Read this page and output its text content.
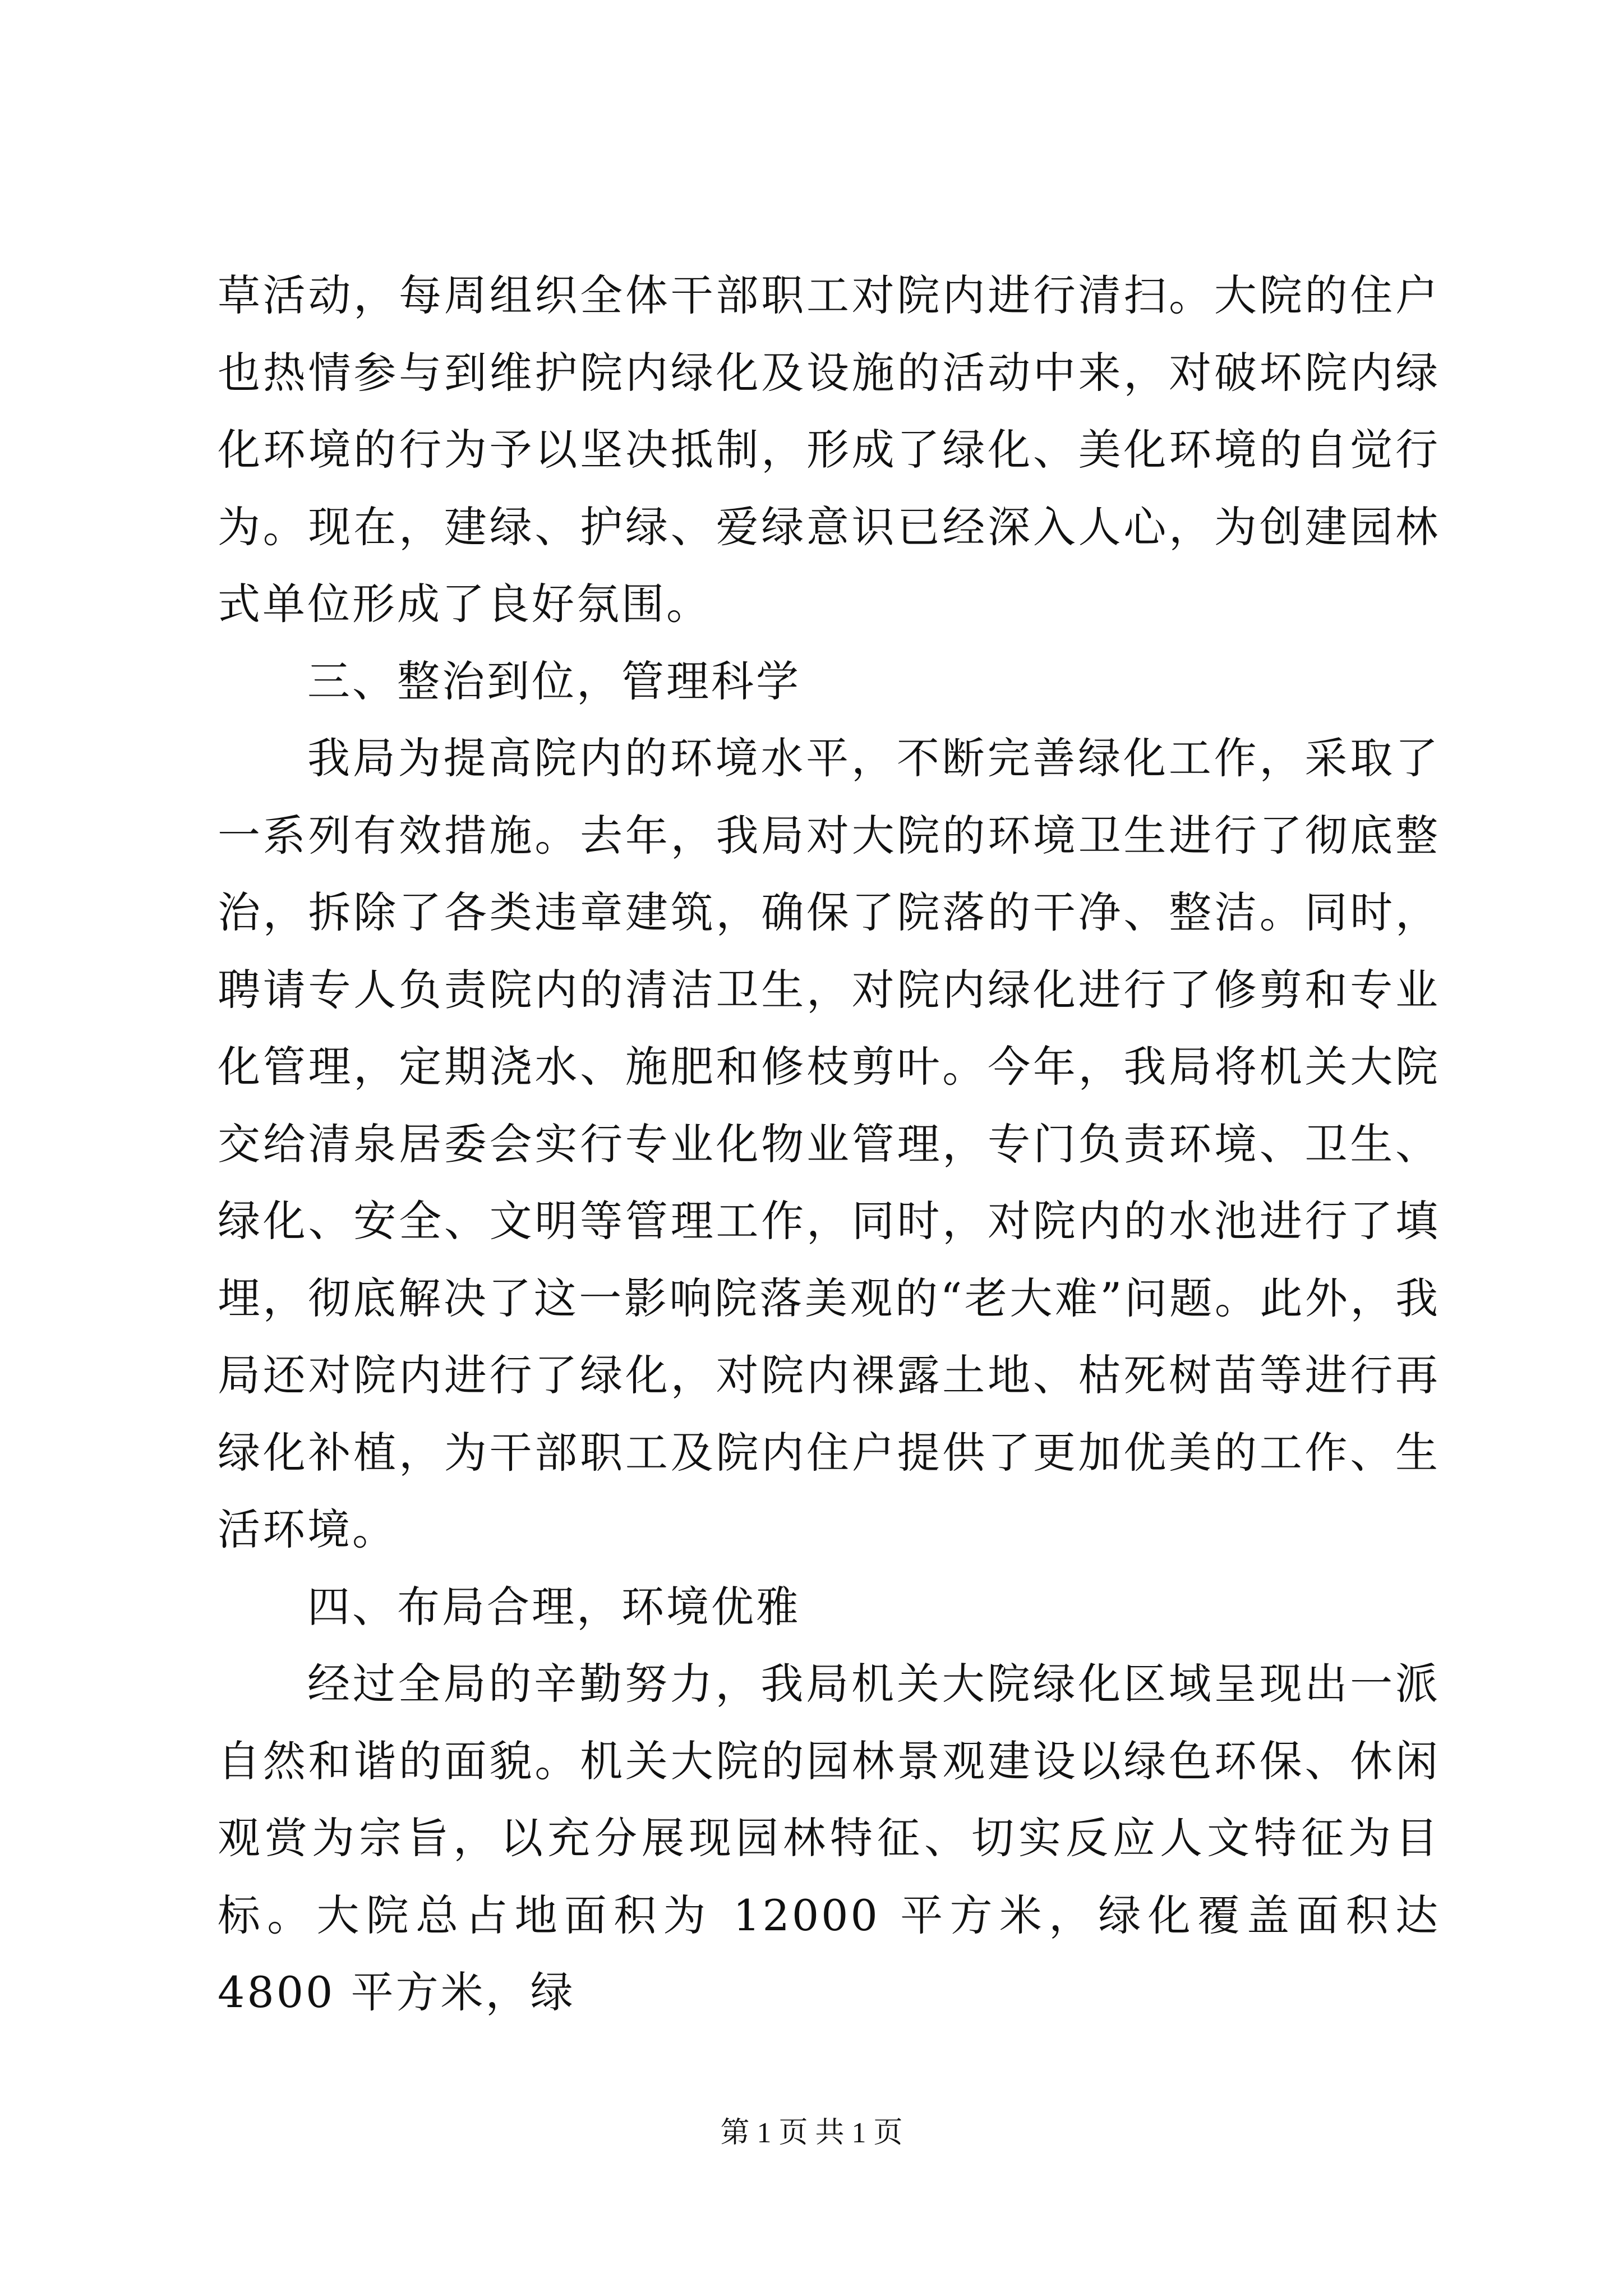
草活动，每周组织全体干部职工对院内进行清扫。大院的住户也热情参与到维护院内绿化及设施的活动中来，对破坏院内绿化环境的行为予以坚决抵制，形成了绿化、美化环境的自觉行为。现在，建绿、护绿、爱绿意识已经深入人心，为创建园林式单位形成了良好氛围。

三、整治到位，管理科学

我局为提高院内的环境水平，不断完善绿化工作，采取了一系列有效措施。去年，我局对大院的环境卫生进行了彻底整治，拆除了各类违章建筑，确保了院落的干净、整洁。同时，聘请专人负责院内的清洁卫生，对院内绿化进行了修剪和专业化管理，定期浇水、施肥和修枝剪叶。今年，我局将机关大院交给清泉居委会实行专业化物业管理，专门负责环境、卫生、绿化、安全、文明等管理工作，同时，对院内的水池进行了填埋，彻底解决了这一影响院落美观的“老大难”问题。此外，我局还对院内进行了绿化，对院内裸露土地、枯死树苗等进行再绿化补植，为干部职工及院内住户提供了更加优美的工作、生活环境。

四、布局合理，环境优雅

经过全局的辛勤努力，我局机关大院绿化区域呈现出一派自然和谐的面貌。机关大院的园林景观建设以绿色环保、休闲观赏为宗旨，以充分展现园林特征、切实反应人文特征为目标。大院总占地面积为 12000 平方米，绿化覆盖面积达 4800 平方米，绿

第 1 页 共 1 页
